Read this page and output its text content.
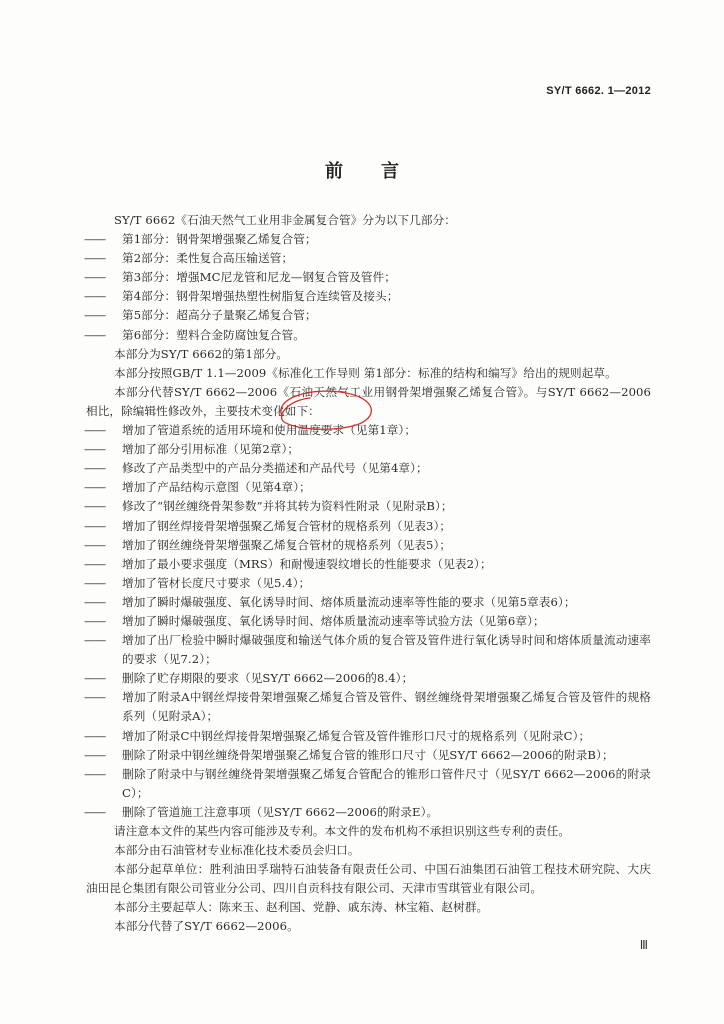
SY/T 6662. 1—2012
前言
SY/T 6662《石油天然气工业用非金属复合管》分为以下几部分：
—— 第1部分：钢骨架增强聚乙烯复合管；
—— 第2部分：柔性复合高压输送管；
—— 第3部分：增强MC尼龙管和尼龙—钢复合管及管件；
—— 第4部分：钢骨架增强热塑性树脂复合连续管及接头；
—— 第5部分：超高分子量聚乙烯复合管；
—— 第6部分：塑料合金防腐蚀复合管。
本部分为SY/T 6662的第1部分。
本部分按照GB/T 1.1—2009《标准化工作导则 第1部分：标准的结构和编写》给出的规则起草。
本部分代替SY/T 6662—2006《石油天然气工业用钢骨架增强聚乙烯复合管》。与SY/T 6662—2006相比，除编辑性修改外，主要技术变化如下：
—— 增加了管道系统的适用环境和使用温度要求（见第1章）；
—— 增加了部分引用标准（见第2章）；
—— 修改了产品类型中的产品分类描述和产品代号（见第4章）；
—— 增加了产品结构示意图（见第4章）；
—— 修改了“钢丝缠绕骨架参数”并将其转为资料性附录（见附录B）；
—— 增加了钢丝焊接骨架增强聚乙烯复合管材的规格系列（见表3）；
—— 增加了钢丝缠绕骨架增强聚乙烯复合管材的规格系列（见表5）；
—— 增加了最小要求强度（MRS）和耐慢速裂纹增长的性能要求（见表2）；
—— 增加了管材长度尺寸要求（见5.4）；
—— 增加了瞬时爆破强度、氧化诱导时间、熔体质量流动速率等性能的要求（见第5章表6）；
—— 增加了瞬时爆破强度、氧化诱导时间、熔体质量流动速率等试验方法（见第6章）；
—— 增加了出厂检验中瞬时爆破强度和输送气体介质的复合管及管件进行氧化诱导时间和熔体质量流动速率的要求（见7.2）；
—— 删除了贮存期限的要求（见SY/T 6662—2006的8.4）；
—— 增加了附录A中钢丝焊接骨架增强聚乙烯复合管及管件、钢丝缠绕骨架增强聚乙烯复合管及管件的规格系列（见附录A）；
—— 增加了附录C中钢丝焊接骨架增强聚乙烯复合管及管件锥形口尺寸的规格系列（见附录C）；
—— 删除了附录中钢丝缠绕骨架增强聚乙烯复合管的锥形口尺寸（见SY/T 6662—2006的附录B）；
—— 删除了附录中与钢丝缠绕骨架增强聚乙烯复合管配合的锥形口管件尺寸（见SY/T 6662—2006的附录C）；
—— 删除了管道施工注意事项（见SY/T 6662—2006的附录E）。
请注意本文件的某些内容可能涉及专利。本文件的发布机构不承担识别这些专利的责任。
本部分由石油管材专业标准化技术委员会归口。
本部分起草单位：胜利油田孚瑞特石油装备有限责任公司、中国石油集团石油管工程技术研究院、大庆油田昆仑集团有限公司管业分公司、四川自贡科技有限公司、天津市雪琪管业有限公司。
本部分主要起草人：陈来玉、赵利国、党静、戚东涛、林宝箱、赵树群。
本部分代替了SY/T 6662—2006。
Ⅲ
